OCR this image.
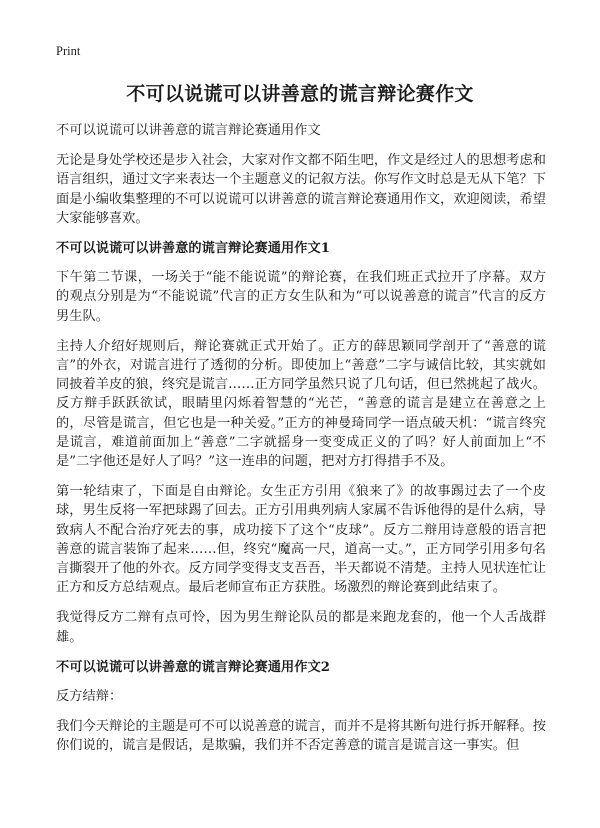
Print
不可以说谎可以讲善意的谎言辩论赛作文

不可以说谎可以讲善意的谎言辩论赛通用作文

无论是身处学校还是步入社会，大家对作文都不陌生吧，作文是经过人的思想考虑和语言组织，通过文字来表达一个主题意义的记叙方法。你写作文时总是无从下笔？下面是小编收集整理的不可以说谎可以讲善意的谎言辩论赛通用作文，欢迎阅读，希望大家能够喜欢。

不可以说谎可以讲善意的谎言辩论赛通用作文1

下午第二节课，一场关于“能不能说谎”的辩论赛，在我们班正式拉开了序幕。双方的观点分别是为“不能说谎”代言的正方女生队和为“可以说善意的谎言”代言的反方男生队。

主持人介绍好规则后，辩论赛就正式开始了。正方的薛思颖同学剖开了“善意的谎言”的外衣，对谎言进行了透彻的分析。即使加上“善意”二字与诚信比较，其实就如同披着羊皮的狼，终究是谎言……正方同学虽然只说了几句话，但已然挑起了战火。反方辩手跃跃欲试，眼睛里闪烁着智慧的“光芒，“善意的谎言是建立在善意之上的，尽管是谎言，但它也是一种关爱。”正方的神曼琦同学一语点破天机：“谎言终究是谎言，难道前面加上“善意”二字就摇身一变变成正义的了吗？好人前面加上“不是”二字他还是好人了吗？”这一连串的问题，把对方打得措手不及。

第一轮结束了，下面是自由辩论。女生正方引用《狼来了》的故事踢过去了一个皮球，男生反将一军把球踢了回去。正方引用典列病人家属不告诉他得的是什么病，导致病人不配合治疗死去的事，成功接下了这个“皮球”。反方二辩用诗意般的语言把善意的谎言装饰了起来……但，终究“魔高一尺，道高一丈。”，正方同学引用多句名言撕裂开了他的外衣。反方同学变得支支吾吾，半天都说不清楚。主持人见状连忙让正方和反方总结观点。最后老师宣布正方获胜。场激烈的辩论赛到此结束了。

我觉得反方二辩有点可怜，因为男生辩论队员的都是来跑龙套的，他一个人舌战群雄。

不可以说谎可以讲善意的谎言辩论赛通用作文2

反方结辩：

我们今天辩论的主题是可不可以说善意的谎言，而并不是将其断句进行拆开解释。按你们说的，谎言是假话，是欺骗，我们并不否定善意的谎言是谎言这一事实。但
